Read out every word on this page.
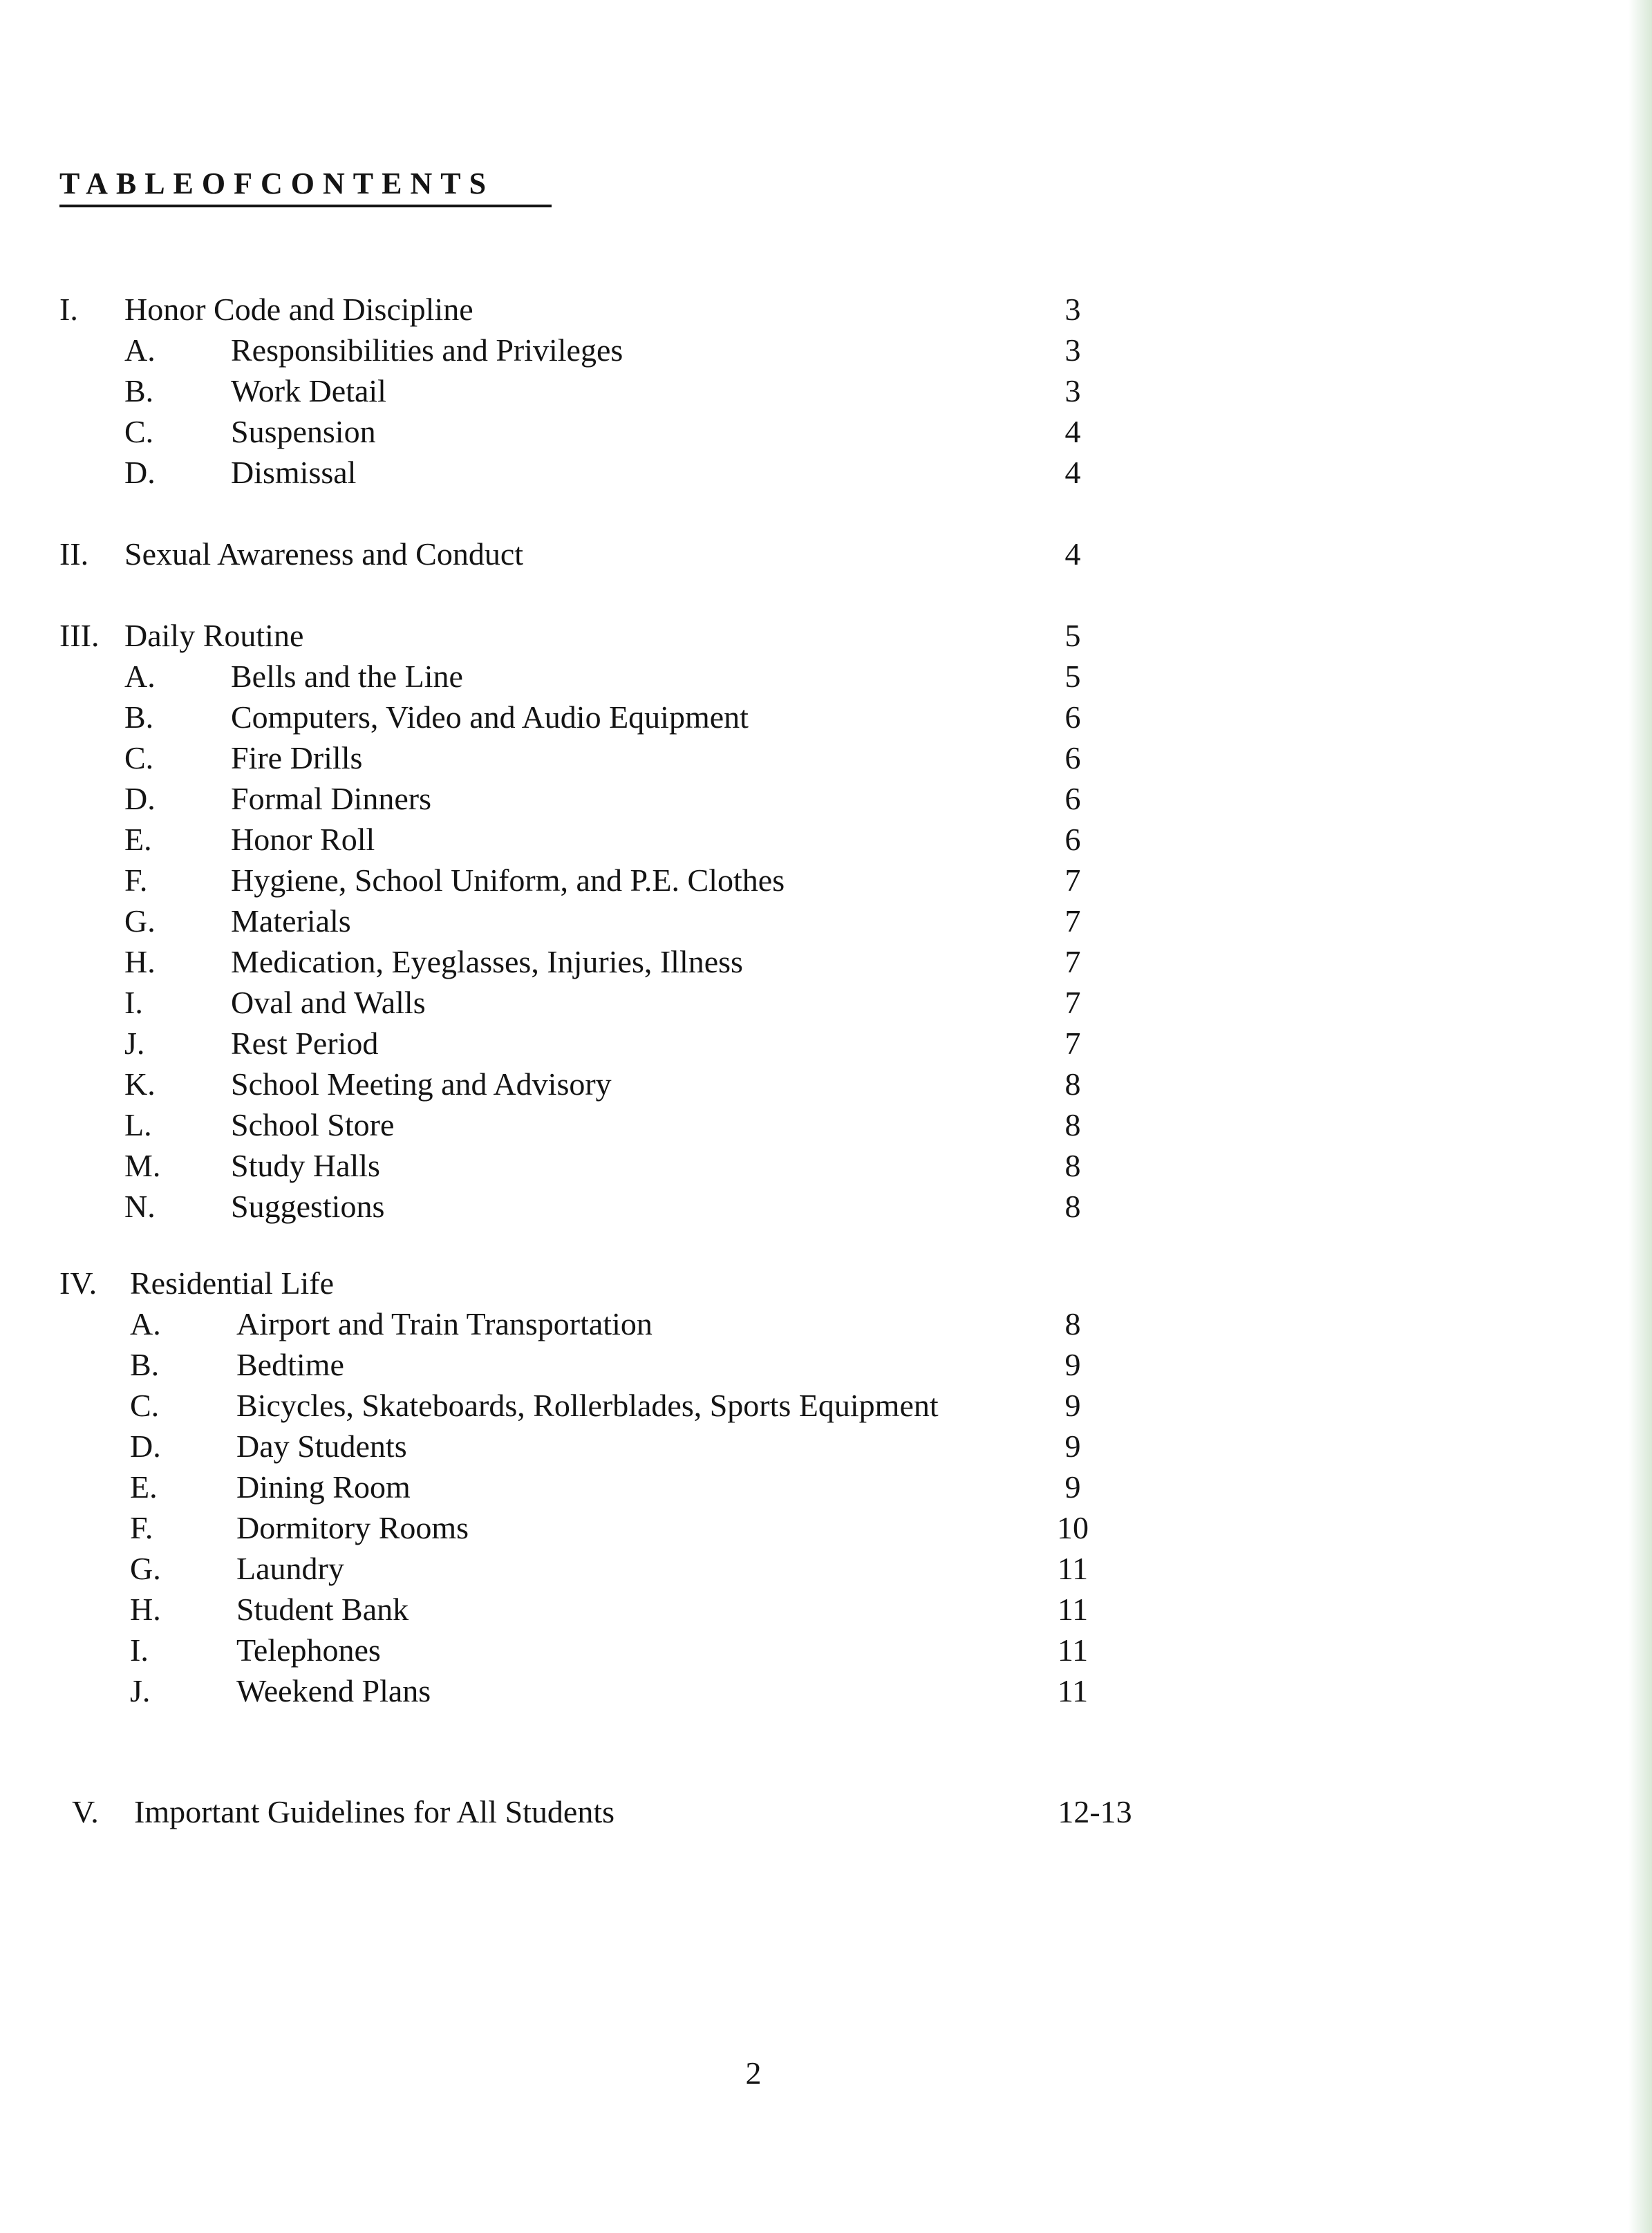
TABLEOFCONTENTS
I. Honor Code and Discipline	3
A. Responsibilities and Privileges	3
B. Work Detail	3
C. Suspension	4
D. Dismissal	4
II. Sexual Awareness and Conduct	4
III. Daily Routine	5
A. Bells and the Line	5
B. Computers, Video and Audio Equipment	6
C. Fire Drills	6
D. Formal Dinners	6
E. Honor Roll	6
F.	Hygiene, School Uniform, and P.E. Clothes	7
G. Materials	7
H. Medication, Eyeglasses, Injuries, Illness	7
I.	Oval and Walls	7
J.	Rest Period	7
K. School Meeting and Advisory	8
L. School Store	8
M. Study Halls	8
N. Suggestions	8
IV. Residential Life
A. Airport and Train Transportation	8
B. Bedtime	9
C. Bicycles, Skateboards, Rollerblades, Sports Equipment	9
D. Day Students	9
E. Dining Room	9
F.	Dormitory Rooms	10
G. Laundry	11
H. Student Bank	11
I.	Telephones	11
J.	Weekend Plans	11
V. Important Guidelines for All Students	12-13
2
